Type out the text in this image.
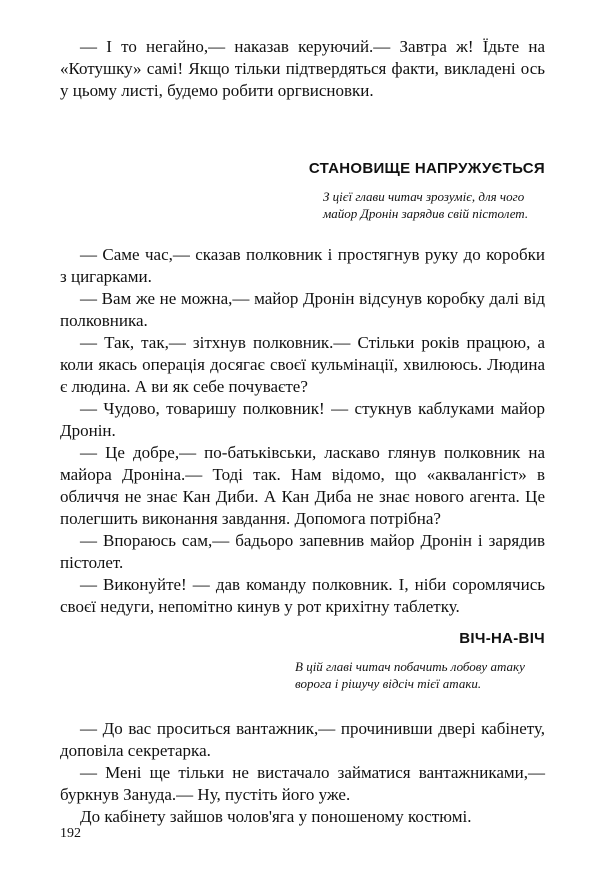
— І то негайно,— наказав керуючий.— Завтра ж! Їдьте на «Котушку» самі! Якщо тільки підтвердяться факти, викладені ось у цьому листі, будемо робити оргвисновки.

СТАНОВИЩЕ НАПРУЖУЄТЬСЯ

З цієї глави читач зрозуміє, для чого майор Дронін зарядив свій пістолет.

— Саме час,— сказав полковник і простягнув руку до коробки з цигарками.

— Вам же не можна,— майор Дронін відсунув коробку далі від полковника.

— Так, так,— зітхнув полковник.— Стільки років працюю, а коли якась операція досягає своєї кульмінації, хвилююсь. Людина є людина. А ви як себе почуваєте?

— Чудово, товаришу полковник! — стукнув каблуками майор Дронін.

— Це добре,— по-батьківськи, ласкаво глянув полковник на майора Дроніна.— Тоді так. Нам відомо, що «аквалангіст» в обличчя не знає Кан Диби. А Кан Диба не знає нового агента. Це полегшить виконання завдання. Допомога потрібна?

— Впораюсь сам,— бадьоро запевнив майор Дронін і зарядив пістолет.

— Виконуйте! — дав команду полковник. І, ніби соромлячись своєї недуги, непомітно кинув у рот крихітну таблетку.

ВІЧ-НА-ВІЧ

В цій главі читач побачить лобову атаку ворога і рішучу відсіч тієї атаки.

— До вас проситься вантажник,— прочинивши двері кабінету, доповіла секретарка.

— Мені ще тільки не вистачало займатися вантажниками,— буркнув Зануда.— Ну, пустіть його уже.

До кабінету зайшов чолов'яга у поношеному костюмі.

192
